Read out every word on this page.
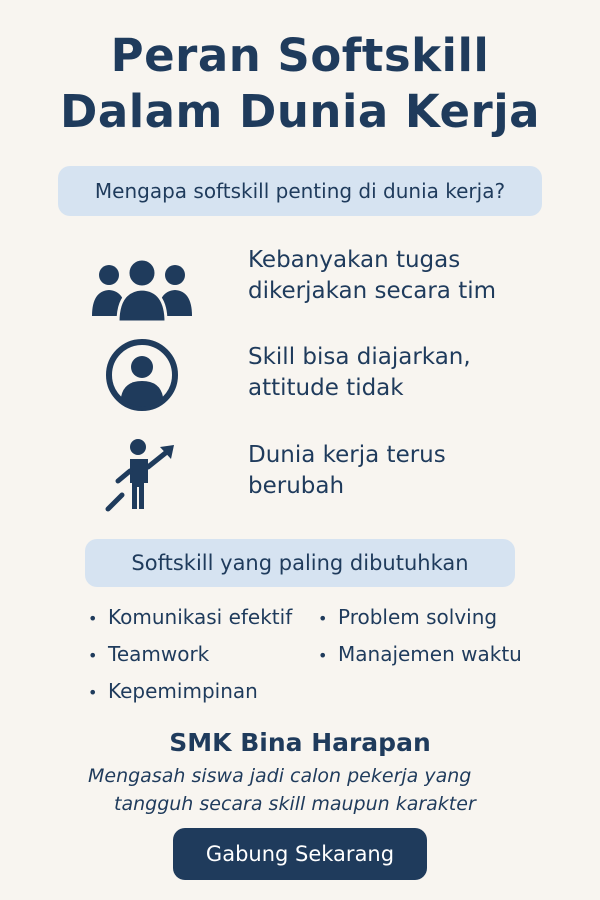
Peran Softskill
Dalam Dunia Kerja
Mengapa softskill penting di dunia kerja?
Kebanyakan tugas
dikerjakan secara tim
Skill bisa diajarkan,
attitude tidak
Dunia kerja terus
berubah
Softskill yang paling dibutuhkan
• Komunikasi efektif
• Teamwork
• Kepemimpinan
• Problem solving
• Manajemen waktu
SMK Bina Harapan
Mengasah siswa jadi calon pekerja yang
tangguh secara skill maupun karakter
Gabung Sekarang
